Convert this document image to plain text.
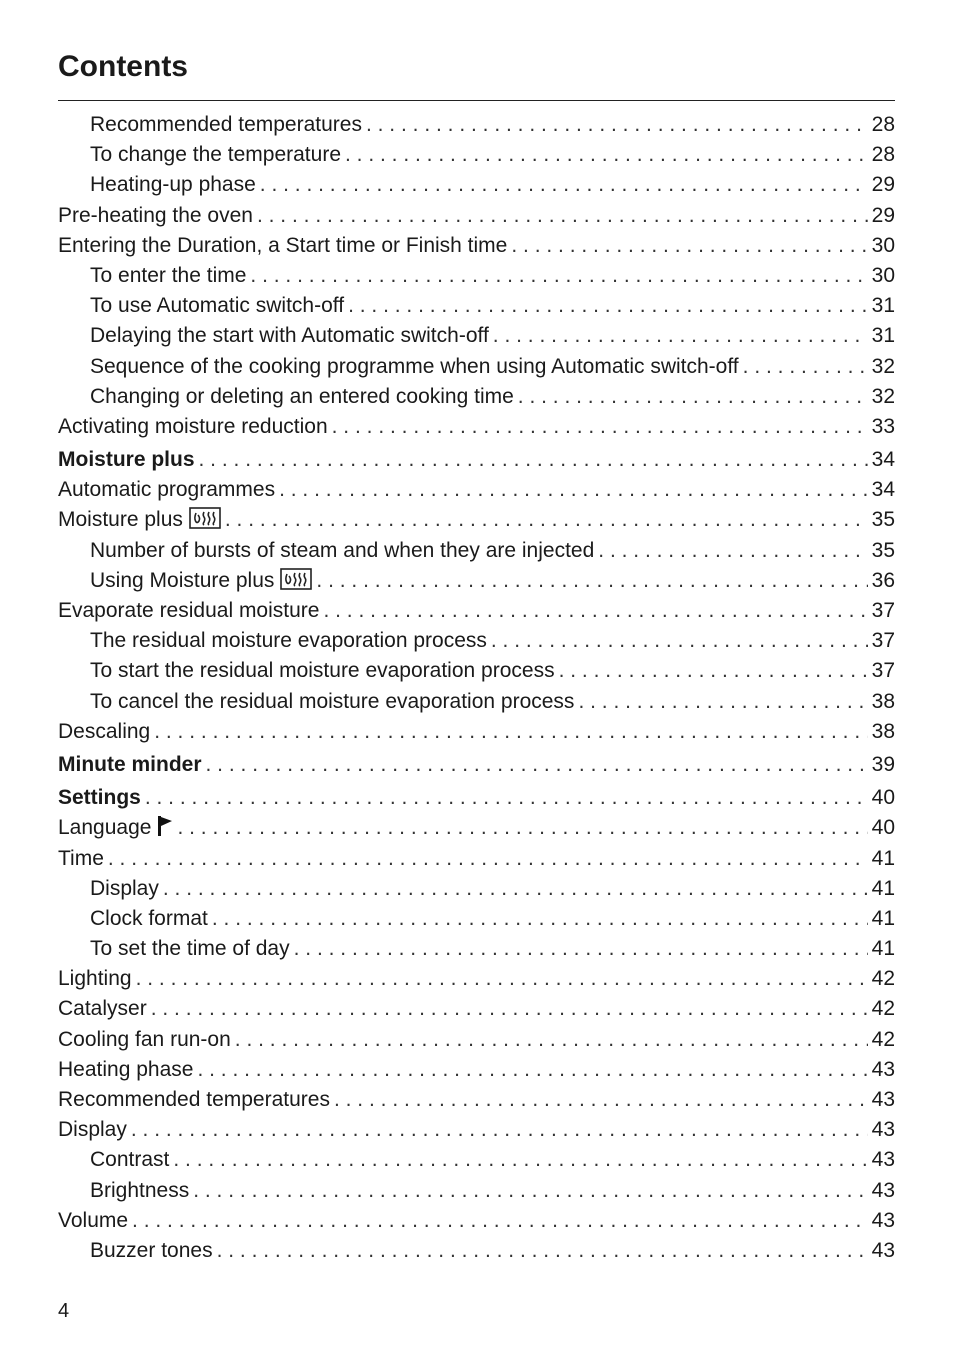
Contents
Recommended temperatures . . .	28
To change the temperature . . .	28
Heating-up phase . . .	29
Pre-heating the oven . . .	29
Entering the Duration, a Start time or Finish time . . .	30
To enter the time . . .	30
To use Automatic switch-off . . .	31
Delaying the start with Automatic switch-off . . .	31
Sequence of the cooking programme when using Automatic switch-off . . .	32
Changing or deleting an entered cooking time . . .	32
Activating moisture reduction . . .	33
Moisture plus . . .	34
Automatic programmes . . .	34
Moisture plus . . .	35
Number of bursts of steam and when they are injected . . .	35
Using Moisture plus . . .	36
Evaporate residual moisture . . .	37
The residual moisture evaporation process . . .	37
To start the residual moisture evaporation process . . .	37
To cancel the residual moisture evaporation process . . .	38
Descaling . . .	38
Minute minder . . .	39
Settings . . .	40
Language . . .	40
Time . . .	41
Display . . .	41
Clock format . . .	41
To set the time of day . . .	41
Lighting . . .	42
Catalyser . . .	42
Cooling fan run-on . . .	42
Heating phase . . .	43
Recommended temperatures . . .	43
Display . . .	43
Contrast . . .	43
Brightness . . .	43
Volume . . .	43
Buzzer tones . . .	43
4
